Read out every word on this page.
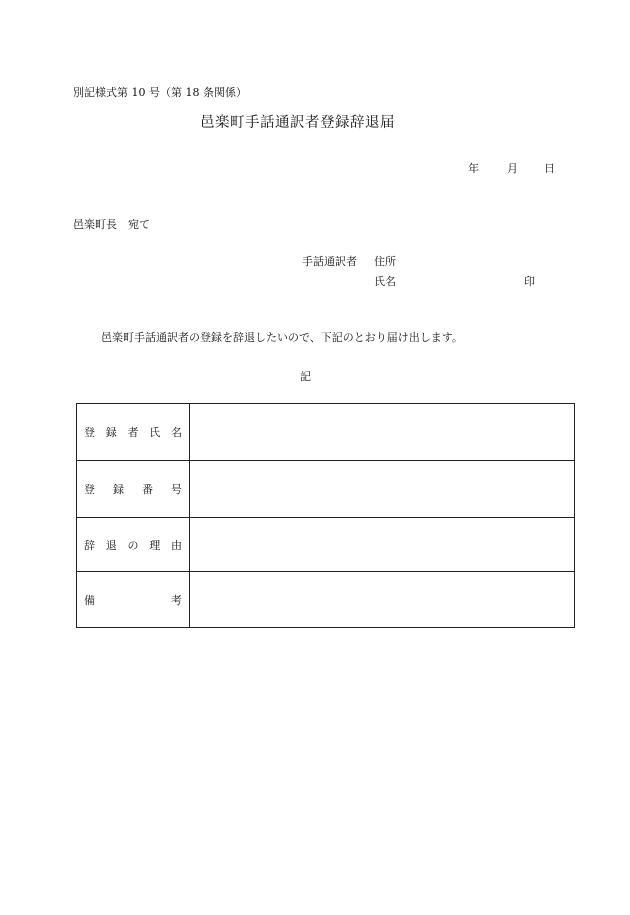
別記様式第 10 号（第 18 条関係）
邑楽町手話通訳者登録辞退届
年	月 日
邑楽町長　宛て
手話通訳者 住所
氏名	印
邑楽町手話通訳者の登録を辞退したいので、下記のとおり届け出します。
記
登 録 者 氏 名	

登 録 番 号	

辞 退 の 理 由	

備 考	
